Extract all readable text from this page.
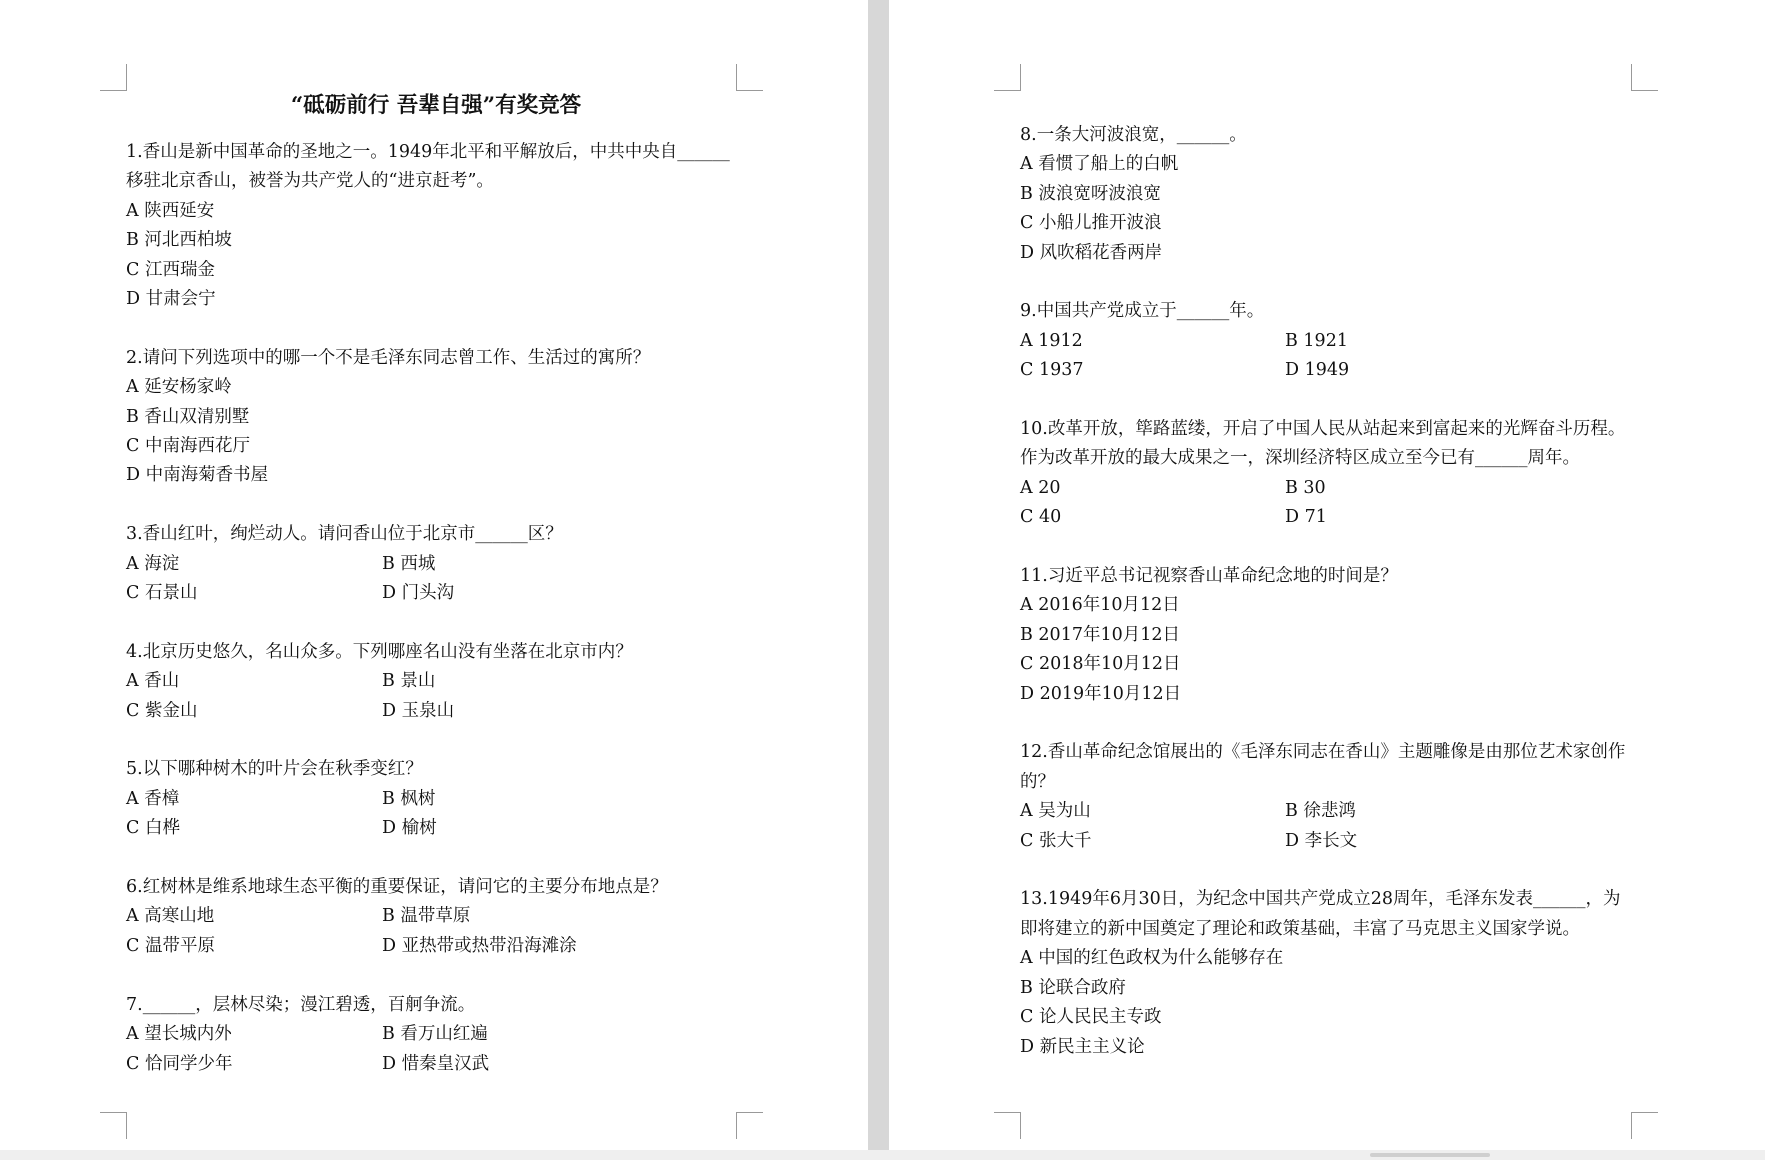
“砥砺前行 吾辈自强”有奖竞答
1.香山是新中国革命的圣地之一。1949年北平和平解放后，中共中央自______
移驻北京香山，被誉为共产党人的“进京赶考”。
A 陕西延安
B 河北西柏坡
C 江西瑞金
D 甘肃会宁
2.请问下列选项中的哪一个不是毛泽东同志曾工作、生活过的寓所？
A 延安杨家岭
B 香山双清别墅
C 中南海西花厅
D 中南海菊香书屋
3.香山红叶，绚烂动人。请问香山位于北京市______区？
A 海淀	B 西城
C 石景山	D 门头沟
4.北京历史悠久，名山众多。下列哪座名山没有坐落在北京市内？
A 香山	B 景山
C 紫金山	D 玉泉山
5.以下哪种树木的叶片会在秋季变红？
A 香樟	B 枫树
C 白桦	D 榆树
6.红树林是维系地球生态平衡的重要保证，请问它的主要分布地点是？
A 高寒山地	B 温带草原
C 温带平原	D 亚热带或热带沿海滩涂
7.______，层林尽染；漫江碧透，百舸争流。
A 望长城内外	B 看万山红遍
C 恰同学少年	D 惜秦皇汉武
8.一条大河波浪宽，______。
A 看惯了船上的白帆
B 波浪宽呀波浪宽
C 小船儿推开波浪
D 风吹稻花香两岸
9.中国共产党成立于______年。
A 1912	B 1921
C 1937	D 1949
10.改革开放，筚路蓝缕，开启了中国人民从站起来到富起来的光辉奋斗历程。
作为改革开放的最大成果之一，深圳经济特区成立至今已有______周年。
A 20	B 30
C 40	D 71
11.习近平总书记视察香山革命纪念地的时间是？
A 2016年10月12日
B 2017年10月12日
C 2018年10月12日
D 2019年10月12日
12.香山革命纪念馆展出的《毛泽东同志在香山》主题雕像是由那位艺术家创作
的？
A 吴为山	B 徐悲鸿
C 张大千	D 李长文
13.1949年6月30日，为纪念中国共产党成立28周年，毛泽东发表______，为
即将建立的新中国奠定了理论和政策基础，丰富了马克思主义国家学说。
A 中国的红色政权为什么能够存在
B 论联合政府
C 论人民民主专政
D 新民主主义论
